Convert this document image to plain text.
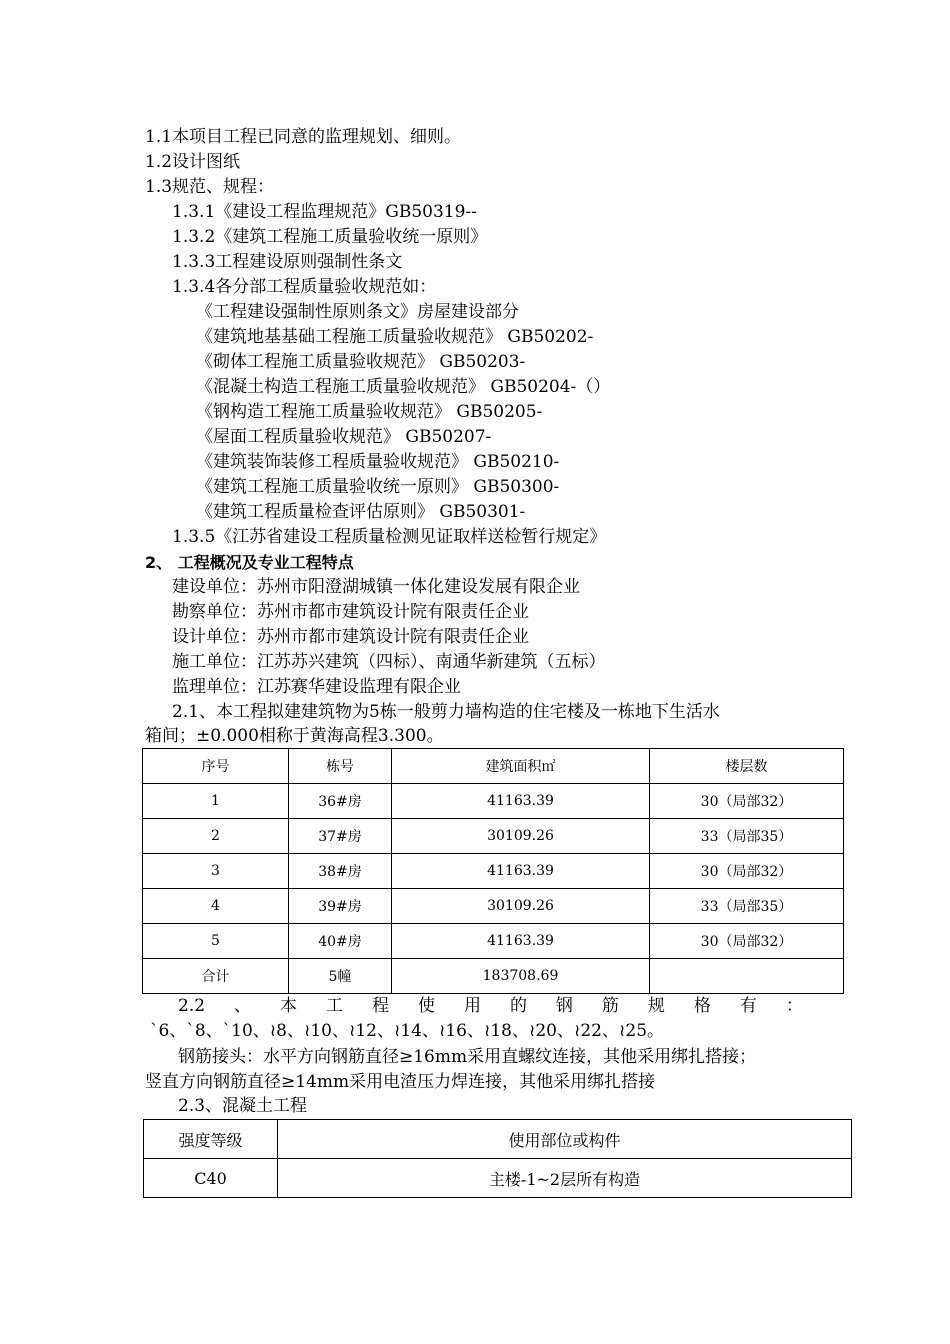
1.1本项目工程已同意的监理规划、细则。
1.2设计图纸
1.3规范、规程：
1.3.1《建设工程监理规范》GB50319--
1.3.2《建筑工程施工质量验收统一原则》
1.3.3工程建设原则强制性条文
1.3.4各分部工程质量验收规范如：
《工程建设强制性原则条文》房屋建设部分
《建筑地基基础工程施工质量验收规范》 GB50202-
《砌体工程施工质量验收规范》 GB50203-
《混凝土构造工程施工质量验收规范》 GB50204-（）
《钢构造工程施工质量验收规范》 GB50205-
《屋面工程质量验收规范》 GB50207-
《建筑装饰装修工程质量验收规范》 GB50210-
《建筑工程施工质量验收统一原则》 GB50300-
《建筑工程质量检查评估原则》 GB50301-
1.3.5《江苏省建设工程质量检测见证取样送检暂行规定》
2、 工程概况及专业工程特点
建设单位：苏州市阳澄湖城镇一体化建设发展有限企业
勘察单位：苏州市都市建筑设计院有限责任企业
设计单位：苏州市都市建筑设计院有限责任企业
施工单位：江苏苏兴建筑（四标）、南通华新建筑（五标）
监理单位：江苏赛华建设监理有限企业
2.1、本工程拟建建筑物为5栋一般剪力墙构造的住宅楼及一栋地下生活水
箱间；±0.000相称于黄海高程3.300。
序号	栋号	建筑面积㎡	楼层数
1	36#房	41163.39	30（局部32）
2	37#房	30109.26	33（局部35）
3	38#房	41163.39	30（局部32）
4	39#房	30109.26	33（局部35）
5	40#房	41163.39	30（局部32）
合计	5幢	183708.69	
2.2 、 本 工 程 使 用 的 钢 筋 规 格 有 ：
`6、`8、`10、≀8、≀10、≀12、≀14、≀16、≀18、≀20、≀22、≀25。
钢筋接头：水平方向钢筋直径≥16mm采用直螺纹连接，其他采用绑扎搭接；
竖直方向钢筋直径≥14mm采用电渣压力焊连接，其他采用绑扎搭接
2.3、混凝土工程
强度等级	使用部位或构件
C40	主楼-1~2层所有构造
